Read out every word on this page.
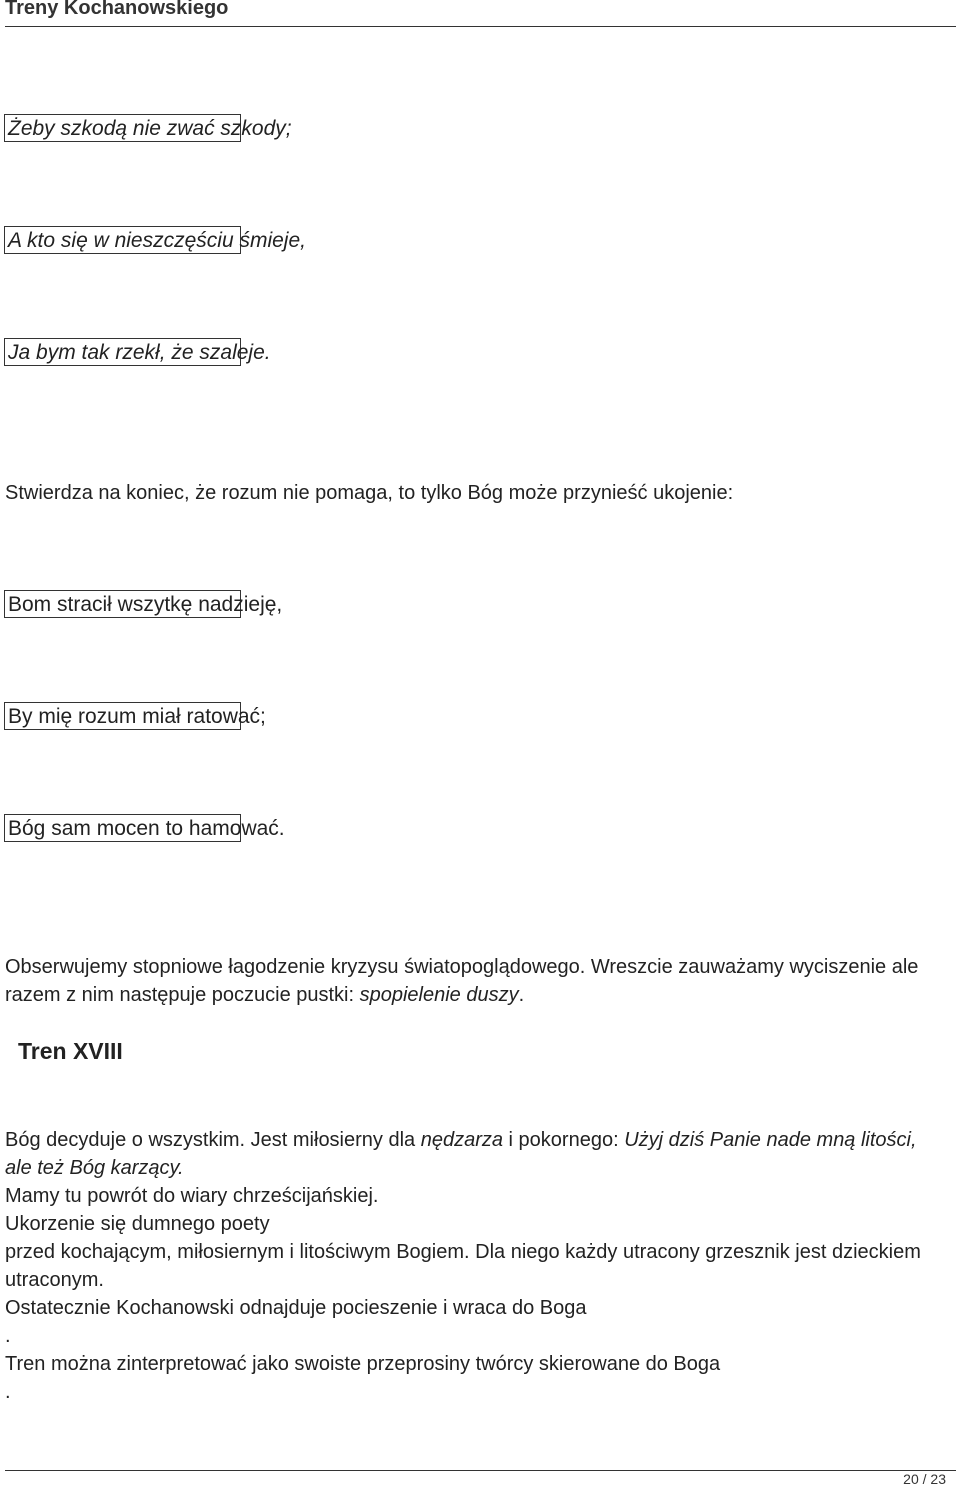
Treny Kochanowskiego
Żeby szkodą nie zwać szkody;
A kto się w nieszczęściu śmieje,
Ja bym tak rzekł, że szaleje.
Stwierdza na koniec, że rozum nie pomaga, to tylko Bóg może przynieść ukojenie:
Bom stracił wszytkę nadzieję,
By mię rozum miał ratować;
Bóg sam mocen to hamować.
Obserwujemy stopniowe łagodzenie kryzysu światopoglądowego. Wreszcie zauważamy wyciszenie ale razem z nim następuje poczucie pustki: spopielenie duszy.
Tren XVIII
Bóg decyduje o wszystkim. Jest miłosierny dla nędzarza i pokornego: Użyj dziś Panie nade mną litości, ale też Bóg karzący.
Mamy tu powrót do wiary chrześcijańskiej.
Ukorzenie się dumnego poety
przed kochającym, miłosiernym i litościwym Bogiem. Dla niego każdy utracony grzesznik jest dzieckiem utraconym.
Ostatecznie Kochanowski odnajduje pocieszenie i wraca do Boga
.
Tren można zinterpretować jako swoiste przeprosiny twórcy skierowane do Boga
.
20 / 23
